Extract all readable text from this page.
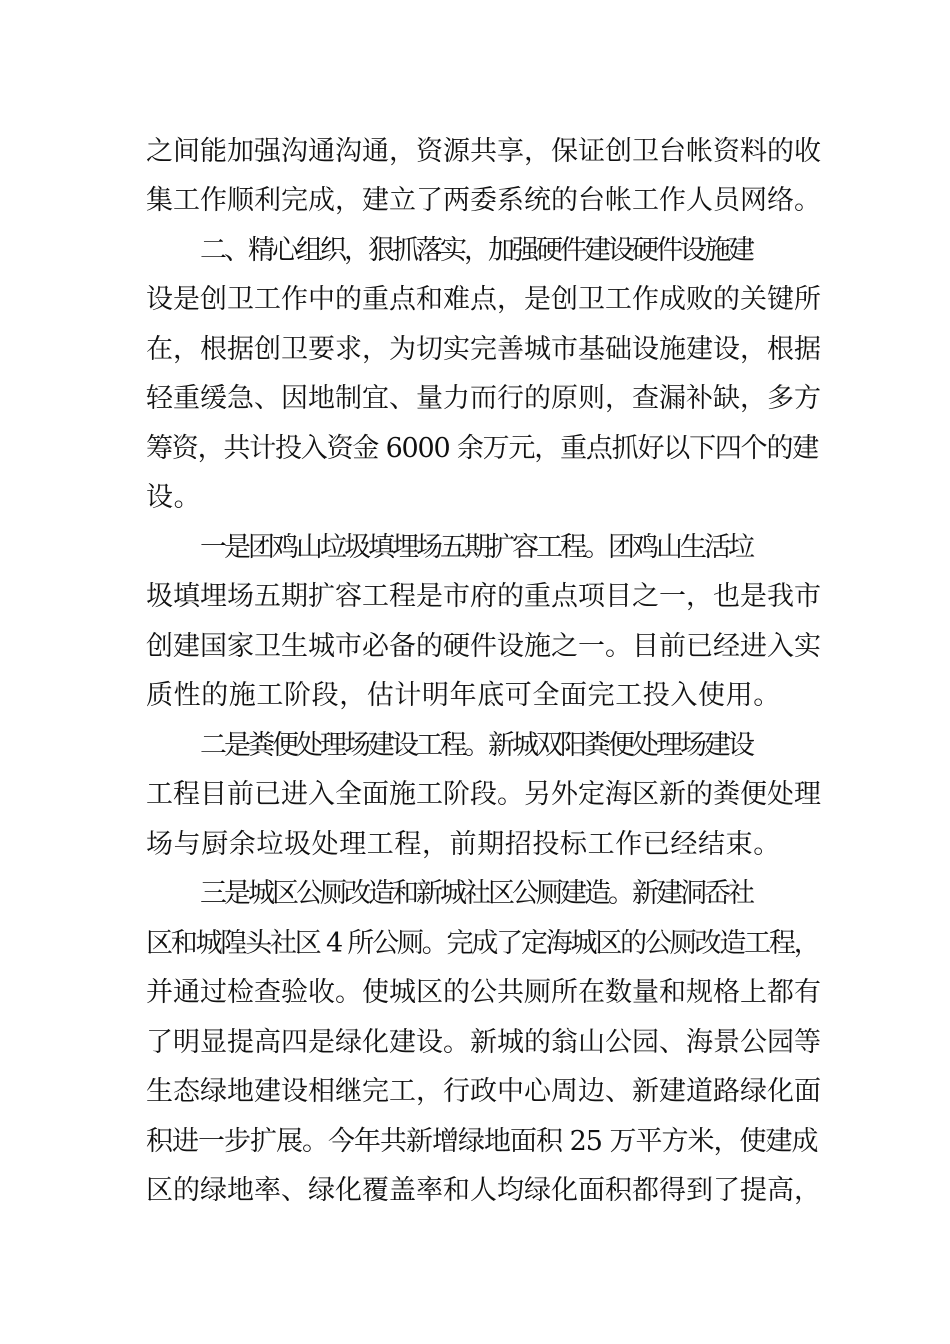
之间能加强沟通沟通，资源共享，保证创卫台帐资料的收
集工作顺利完成，建立了两委系统的台帐工作人员网络。
二、精心组织，狠抓落实，加强硬件建设硬件设施建
设是创卫工作中的重点和难点，是创卫工作成败的关键所
在，根据创卫要求，为切实完善城市基础设施建设，根据
轻重缓急、因地制宜、量力而行的原则，查漏补缺，多方
筹资，共计投入资金 6000 余万元，重点抓好以下四个的建
设。
一是团鸡山垃圾填埋场五期扩容工程。团鸡山生活垃
圾填埋场五期扩容工程是市府的重点项目之一，也是我市
创建国家卫生城市必备的硬件设施之一。目前已经进入实
质性的施工阶段，估计明年底可全面完工投入使用。
二是粪便处理场建设工程。新城双阳粪便处理场建设
工程目前已进入全面施工阶段。另外定海区新的粪便处理
场与厨余垃圾处理工程，前期招投标工作已经结束。
三是城区公厕改造和新城社区公厕建造。新建洞岙社
区和城隍头社区 4 所公厕。完成了定海城区的公厕改造工程，
并通过检查验收。使城区的公共厕所在数量和规格上都有
了明显提高四是绿化建设。新城的翁山公园、海景公园等
生态绿地建设相继完工，行政中心周边、新建道路绿化面
积进一步扩展。今年共新增绿地面积 25 万平方米，使建成
区的绿地率、绿化覆盖率和人均绿化面积都得到了提高，
